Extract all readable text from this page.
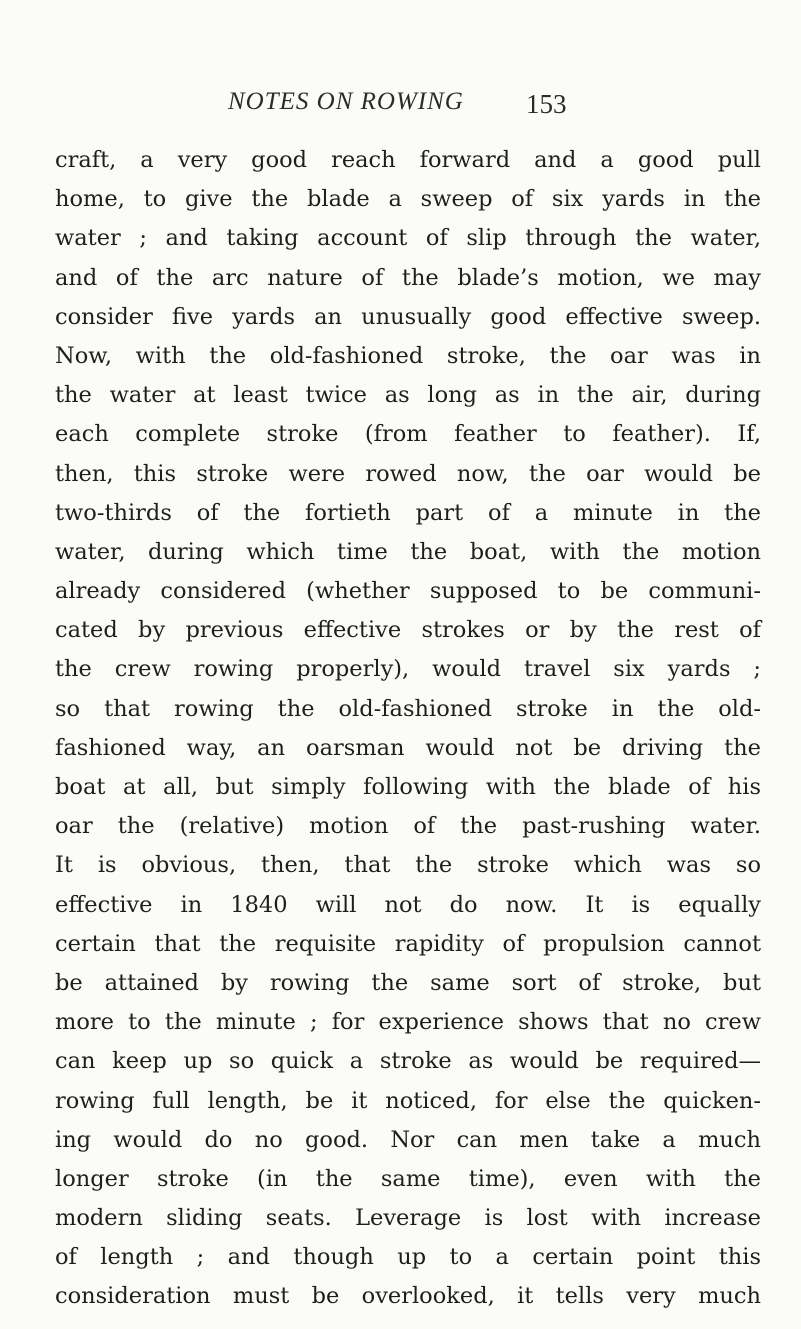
NOTES ON ROWING 153
craft, a very good reach forward and a good pull
home, to give the blade a sweep of six yards in the
water ; and taking account of slip through the water,
and of the arc nature of the blade’s motion, we may
consider five yards an unusually good effective sweep.
Now, with the old-fashioned stroke, the oar was in
the water at least twice as long as in the air, during
each complete stroke (from feather to feather). If,
then, this stroke were rowed now, the oar would be
two-thirds of the fortieth part of a minute in the
water, during which time the boat, with the motion
already considered (whether supposed to be communi-
cated by previous effective strokes or by the rest of
the crew rowing properly), would travel six yards ;
so that rowing the old-fashioned stroke in the old-
fashioned way, an oarsman would not be driving the
boat at all, but simply following with the blade of his
oar the (relative) motion of the past-rushing water.
It is obvious, then, that the stroke which was so
effective in 1840 will not do now. It is equally
certain that the requisite rapidity of propulsion cannot
be attained by rowing the same sort of stroke, but
more to the minute ; for experience shows that no crew
can keep up so quick a stroke as would be required—
rowing full length, be it noticed, for else the quicken-
ing would do no good. Nor can men take a much
longer stroke (in the same time), even with the
modern sliding seats. Leverage is lost with increase
of length ; and though up to a certain point this
consideration must be overlooked, it tells very much
